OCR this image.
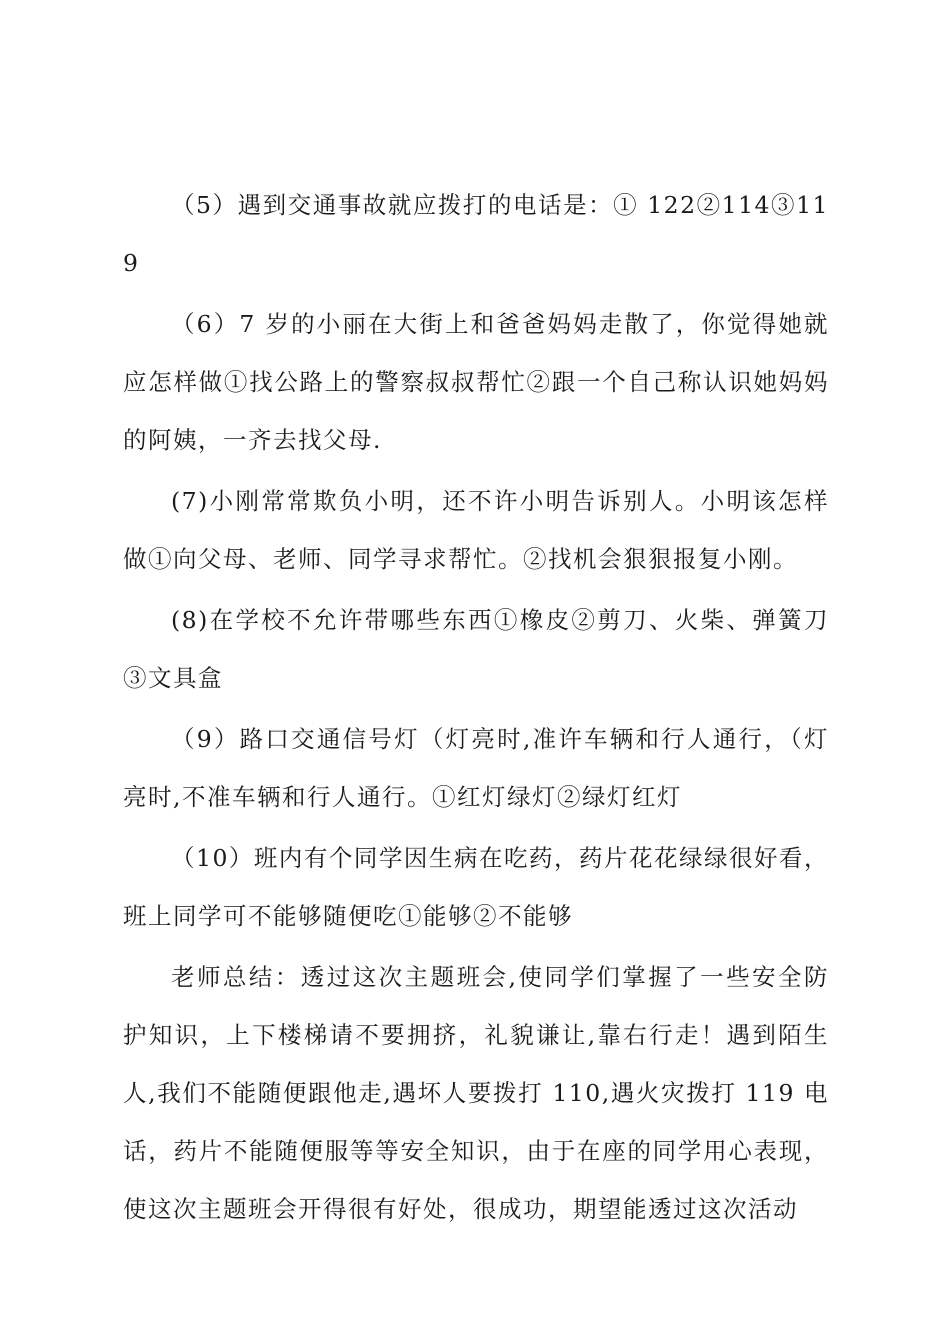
（5）遇到交通事故就应拨打的电话是：① 122②114③119

（6）7 岁的小丽在大街上和爸爸妈妈走散了，你觉得她就应怎样做①找公路上的警察叔叔帮忙②跟一个自己称认识她妈妈的阿姨，一齐去找父母.

(7)小刚常常欺负小明，还不许小明告诉别人。小明该怎样做①向父母、老师、同学寻求帮忙。②找机会狠狠报复小刚。

(8)在学校不允许带哪些东西①橡皮②剪刀、火柴、弹簧刀③文具盒

（9）路口交通信号灯（灯亮时,准许车辆和行人通行，（灯亮时,不准车辆和行人通行。①红灯绿灯②绿灯红灯

（10）班内有个同学因生病在吃药，药片花花绿绿很好看，班上同学可不能够随便吃①能够②不能够

老师总结：透过这次主题班会,使同学们掌握了一些安全防护知识，上下楼梯请不要拥挤，礼貌谦让,靠右行走！遇到陌生人,我们不能随便跟他走,遇坏人要拨打 110,遇火灾拨打 119 电话，药片不能随便服等等安全知识，由于在座的同学用心表现，使这次主题班会开得很有好处，很成功，期望能透过这次活动
